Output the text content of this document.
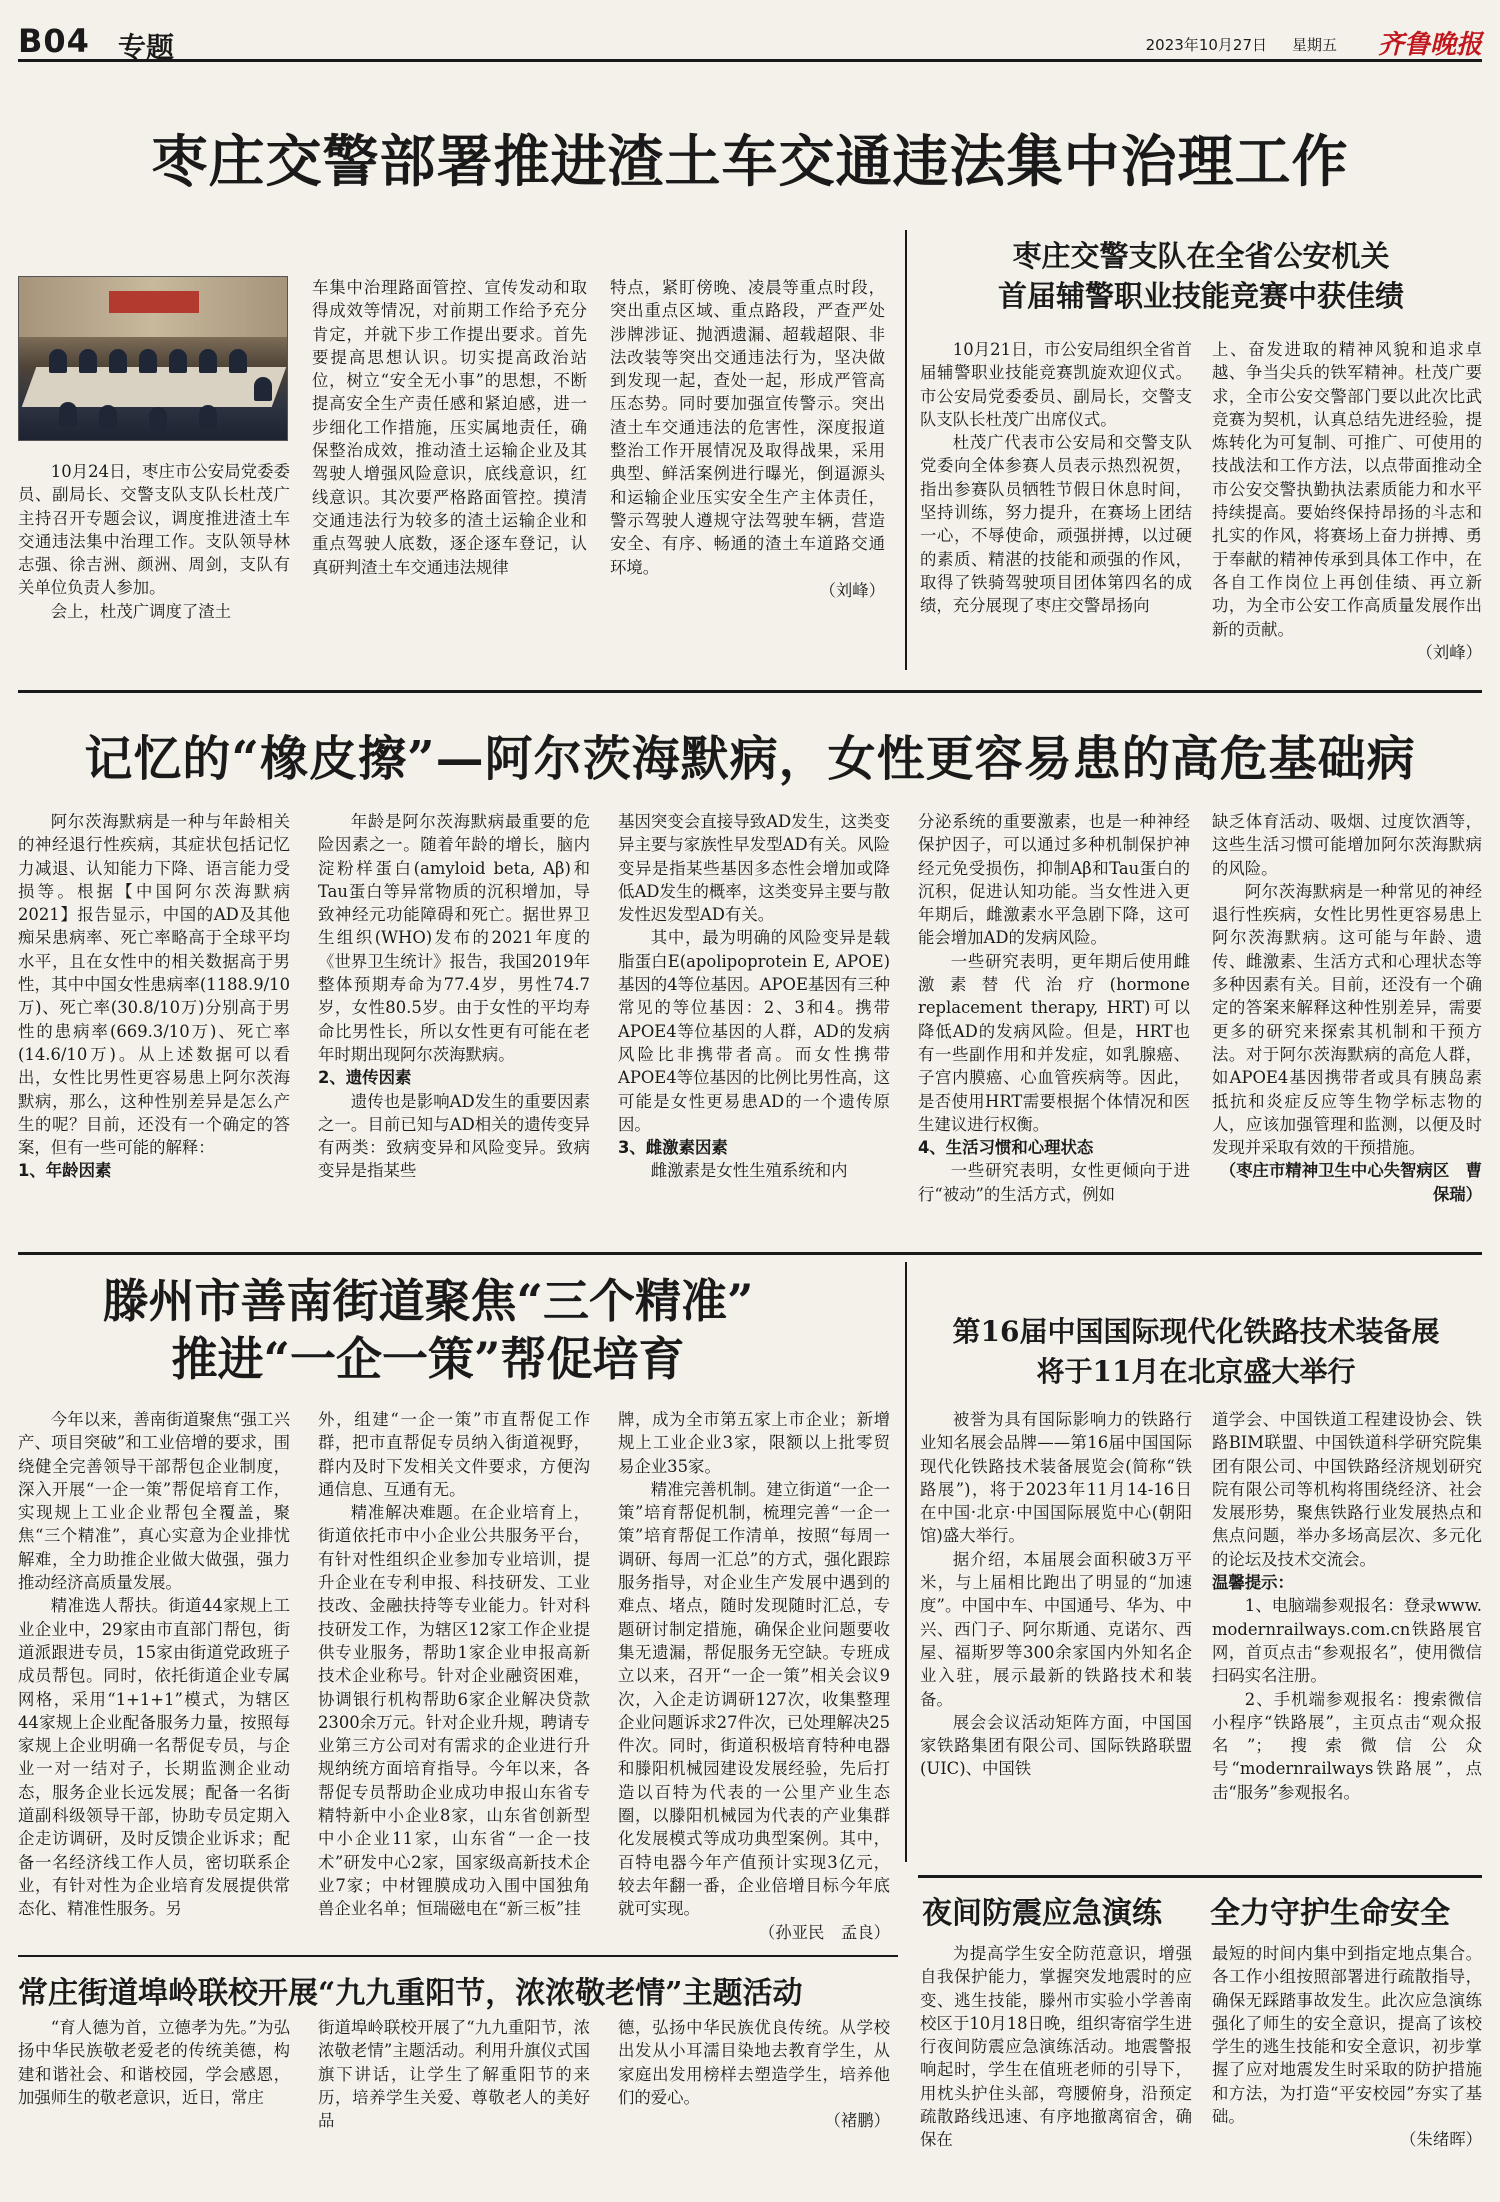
B04 专题	2023年10月27日 星期五 齐鲁晚报
枣庄交警部署推进渣土车交通违法集中治理工作

10月24日，枣庄市公安局党委委员、副局长、交警支队支队长杜茂广主持召开专题会议，调度推进渣土车交通违法集中治理工作。支队领导林志强、徐吉洲、颜洲、周剑，支队有关单位负责人参加。

会上，杜茂广调度了渣土

车集中治理路面管控、宣传发动和取得成效等情况，对前期工作给予充分肯定，并就下步工作提出要求。首先要提高思想认识。切实提高政治站位，树立“安全无小事”的思想，不断提高安全生产责任感和紧迫感，进一步细化工作措施，压实属地责任，确保整治成效，推动渣土运输企业及其驾驶人增强风险意识，底线意识，红线意识。其次要严格路面管控。摸清交通违法行为较多的渣土运输企业和重点驾驶人底数，逐企逐车登记，认真研判渣土车交通违法规律

特点，紧盯傍晚、凌晨等重点时段，突出重点区域、重点路段，严查严处涉牌涉证、抛洒遗漏、超载超限、非法改装等突出交通违法行为，坚决做到发现一起，查处一起，形成严管高压态势。同时要加强宣传警示。突出渣土车交通违法的危害性，深度报道整治工作开展情况及取得战果，采用典型、鲜活案例进行曝光，倒逼源头和运输企业压实安全生产主体责任，警示驾驶人遵规守法驾驶车辆，营造安全、有序、畅通的渣土车道路交通环境。

（刘峰）

枣庄交警支队在全省公安机关
首届辅警职业技能竞赛中获佳绩

10月21日，市公安局组织全省首届辅警职业技能竞赛凯旋欢迎仪式。市公安局党委委员、副局长，交警支队支队长杜茂广出席仪式。

杜茂广代表市公安局和交警支队党委向全体参赛人员表示热烈祝贺，指出参赛队员牺牲节假日休息时间，坚持训练，努力提升，在赛场上团结一心，不辱使命，顽强拼搏，以过硬的素质、精湛的技能和顽强的作风，取得了铁骑驾驶项目团体第四名的成绩，充分展现了枣庄交警昂扬向

上、奋发进取的精神风貌和追求卓越、争当尖兵的铁军精神。杜茂广要求，全市公安交警部门要以此次比武竞赛为契机，认真总结先进经验，提炼转化为可复制、可推广、可使用的技战法和工作方法，以点带面推动全市公安交警执勤执法素质能力和水平持续提高。要始终保持昂扬的斗志和扎实的作风，将赛场上奋力拼搏、勇于奉献的精神传承到具体工作中，在各自工作岗位上再创佳绩、再立新功，为全市公安工作高质量发展作出新的贡献。

（刘峰）

记忆的“橡皮擦”—阿尔茨海默病，女性更容易患的高危基础病

阿尔茨海默病是一种与年龄相关的神经退行性疾病，其症状包括记忆力减退、认知能力下降、语言能力受损等。根据【中国阿尔茨海默病2021】报告显示，中国的AD及其他痴呆患病率、死亡率略高于全球平均水平，且在女性中的相关数据高于男性，其中中国女性患病率(1188.9/10万)、死亡率(30.8/10万)分别高于男性的患病率(669.3/10万)、死亡率(14.6/10万)。从上述数据可以看出，女性比男性更容易患上阿尔茨海默病，那么，这种性别差异是怎么产生的呢？目前，还没有一个确定的答案，但有一些可能的解释：

1、年龄因素

年龄是阿尔茨海默病最重要的危险因素之一。随着年龄的增长，脑内淀粉样蛋白(amyloid beta, Aβ)和Tau蛋白等异常物质的沉积增加，导致神经元功能障碍和死亡。据世界卫生组织(WHO)发布的2021年度的《世界卫生统计》报告，我国2019年整体预期寿命为77.4岁，男性74.7岁，女性80.5岁。由于女性的平均寿命比男性长，所以女性更有可能在老年时期出现阿尔茨海默病。

2、遗传因素

遗传也是影响AD发生的重要因素之一。目前已知与AD相关的遗传变异有两类：致病变异和风险变异。致病变异是指某些

基因突变会直接导致AD发生，这类变异主要与家族性早发型AD有关。风险变异是指某些基因多态性会增加或降低AD发生的概率，这类变异主要与散发性迟发型AD有关。

其中，最为明确的风险变异是载脂蛋白E(apolipoprotein E, APOE)基因的4等位基因。APOE基因有三种常见的等位基因：2、3和4。携带APOE4等位基因的人群，AD的发病风险比非携带者高。而女性携带APOE4等位基因的比例比男性高，这可能是女性更易患AD的一个遗传原因。

3、雌激素因素

雌激素是女性生殖系统和内

分泌系统的重要激素，也是一种神经保护因子，可以通过多种机制保护神经元免受损伤，抑制Aβ和Tau蛋白的沉积，促进认知功能。当女性进入更年期后，雌激素水平急剧下降，这可能会增加AD的发病风险。

一些研究表明，更年期后使用雌激素替代治疗(hormone replacement therapy, HRT)可以降低AD的发病风险。但是，HRT也有一些副作用和并发症，如乳腺癌、子宫内膜癌、心血管疾病等。因此，是否使用HRT需要根据个体情况和医生建议进行权衡。

4、生活习惯和心理状态

一些研究表明，女性更倾向于进行“被动”的生活方式，例如

缺乏体育活动、吸烟、过度饮酒等，这些生活习惯可能增加阿尔茨海默病的风险。

阿尔茨海默病是一种常见的神经退行性疾病，女性比男性更容易患上阿尔茨海默病。这可能与年龄、遗传、雌激素、生活方式和心理状态等多种因素有关。目前，还没有一个确定的答案来解释这种性别差异，需要更多的研究来探索其机制和干预方法。对于阿尔茨海默病的高危人群，如APOE4基因携带者或具有胰岛素抵抗和炎症反应等生物学标志物的人，应该加强管理和监测，以便及时发现并采取有效的干预措施。

（枣庄市精神卫生中心失智病区　曹保瑞）

滕州市善南街道聚焦“三个精准”
推进“一企一策”帮促培育

今年以来，善南街道聚焦“强工兴产、项目突破”和工业倍增的要求，围绕健全完善领导干部帮包企业制度，深入开展“一企一策”帮促培育工作，实现规上工业企业帮包全覆盖，聚焦“三个精准”，真心实意为企业排忧解难，全力助推企业做大做强，强力推动经济高质量发展。

精准选人帮扶。街道44家规上工业企业中，29家由市直部门帮包，街道派跟进专员，15家由街道党政班子成员帮包。同时，依托街道企业专属网格，采用“1+1+1”模式，为辖区44家规上企业配备服务力量，按照每家规上企业明确一名帮促专员，与企业一对一结对子，长期监测企业动态，服务企业长远发展；配备一名街道副科级领导干部，协助专员定期入企走访调研，及时反馈企业诉求；配备一名经济线工作人员，密切联系企业，有针对性为企业培育发展提供常态化、精准性服务。另

外，组建“一企一策”市直帮促工作群，把市直帮促专员纳入街道视野，群内及时下发相关文件要求，方便沟通信息、互通有无。

精准解决难题。在企业培育上，街道依托市中小企业公共服务平台，有针对性组织企业参加专业培训，提升企业在专利申报、科技研发、工业技改、金融扶持等专业能力。针对科技研发工作，为辖区12家工作企业提供专业服务，帮助1家企业申报高新技术企业称号。针对企业融资困难，协调银行机构帮助6家企业解决贷款2300余万元。针对企业升规，聘请专业第三方公司对有需求的企业进行升规纳统方面培育指导。今年以来，各帮促专员帮助企业成功申报山东省专精特新中小企业8家，山东省创新型中小企业11家，山东省“一企一技术”研发中心2家，国家级高新技术企业7家；中材锂膜成功入围中国独角兽企业名单；恒瑞磁电在“新三板”挂

牌，成为全市第五家上市企业；新增规上工业企业3家，限额以上批零贸易企业35家。

精准完善机制。建立街道“一企一策”培育帮促机制，梳理完善“一企一策”培育帮促工作清单，按照“每周一调研、每周一汇总”的方式，强化跟踪服务指导，对企业生产发展中遇到的难点、堵点，随时发现随时汇总，专题研讨制定措施，确保企业问题要收集无遗漏，帮促服务无空缺。专班成立以来，召开“一企一策”相关会议9次，入企走访调研127次，收集整理企业问题诉求27件次，已处理解决25件次。同时，街道积极培育特种电器和滕阳机械园建设发展经验，先后打造以百特为代表的一公里产业生态圈，以滕阳机械园为代表的产业集群化发展模式等成功典型案例。其中，百特电器今年产值预计实现3亿元，较去年翻一番，企业倍增目标今年底就可实现。

（孙亚民　孟良）

第16届中国国际现代化铁路技术装备展
将于11月在北京盛大举行

被誉为具有国际影响力的铁路行业知名展会品牌——第16届中国国际现代化铁路技术装备展览会(简称“铁路展”)，将于2023年11月14-16日在中国·北京·中国国际展览中心(朝阳馆)盛大举行。

据介绍，本届展会面积破3万平米，与上届相比跑出了明显的“加速度”。中国中车、中国通号、华为、中兴、西门子、阿尔斯通、克诺尔、西屋、福斯罗等300余家国内外知名企业入驻，展示最新的铁路技术和装备。

展会会议活动矩阵方面，中国国家铁路集团有限公司、国际铁路联盟(UIC)、中国铁

道学会、中国铁道工程建设协会、铁路BIM联盟、中国铁道科学研究院集团有限公司、中国铁路经济规划研究院有限公司等机构将围绕经济、社会发展形势，聚焦铁路行业发展热点和焦点问题，举办多场高层次、多元化的论坛及技术交流会。

温馨提示：

1、电脑端参观报名：登录www.modernrailways.com.cn铁路展官网，首页点击“参观报名”，使用微信扫码实名注册。

2、手机端参观报名：搜索微信小程序“铁路展”，主页点击“观众报名”；搜索微信公众号“modernrailways铁路展”，点击“服务”参观报名。

常庄街道埠岭联校开展“九九重阳节，浓浓敬老情”主题活动

“育人德为首，立德孝为先。”为弘扬中华民族敬老爱老的传统美德，构建和谐社会、和谐校园，学会感恩，加强师生的敬老意识，近日，常庄

街道埠岭联校开展了“九九重阳节，浓浓敬老情”主题活动。利用升旗仪式国旗下讲话，让学生了解重阳节的来历，培养学生关爱、尊敬老人的美好品

德，弘扬中华民族优良传统。从学校出发从小耳濡目染地去教育学生，从家庭出发用榜样去塑造学生，培养他们的爱心。

（褚鹏）

夜间防震应急演练	全力守护生命安全

为提高学生安全防范意识，增强自我保护能力，掌握突发地震时的应变、逃生技能，滕州市实验小学善南校区于10月18日晚，组织寄宿学生进行夜间防震应急演练活动。地震警报响起时，学生在值班老师的引导下，用枕头护住头部，弯腰俯身，沿预定疏散路线迅速、有序地撤离宿舍，确保在

最短的时间内集中到指定地点集合。各工作小组按照部署进行疏散指导，确保无踩踏事故发生。此次应急演练强化了师生的安全意识，提高了该校学生的逃生技能和安全意识，初步掌握了应对地震发生时采取的防护措施和方法，为打造“平安校园”夯实了基础。

（朱绪晖）
